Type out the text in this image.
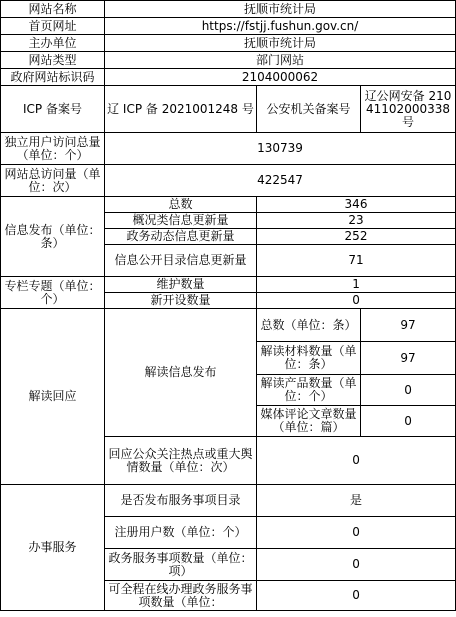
网站名称	抚顺市统计局		
首页网址	https://fstjj.fushun.gov.cn/		
主办单位	抚顺市统计局		
网站类型	部门网站		
政府网站标识码	2104000062		
ICP 备案号	辽 ICP 备 2021001248 号	公安机关备案号	辽公网安备 21041102000338 号
独立用户访问总量（单位：个）	130739		
网站总访问量（单位：次）	422547		
信息发布（单位：条）	总数	346	
	概况类信息更新量	23	
	政务动态信息更新量	252	
	信息公开目录信息更新量	71	
专栏专题（单位：个）	维护数量	1	
	新开设数量	0	
解读回应	解读信息发布	总数（单位：条）	97
		解读材料数量（单位：条）	97
		解读产品数量（单位：个）	0
		媒体评论文章数量（单位：篇）	0
	回应公众关注热点或重大舆情数量（单位：次）	0	
办事服务	是否发布服务事项目录	是	
	注册用户数（单位：个）	0	
	政务服务事项数量（单位：项）	0	
	可全程在线办理政务服务事项数量（单位：	0	
